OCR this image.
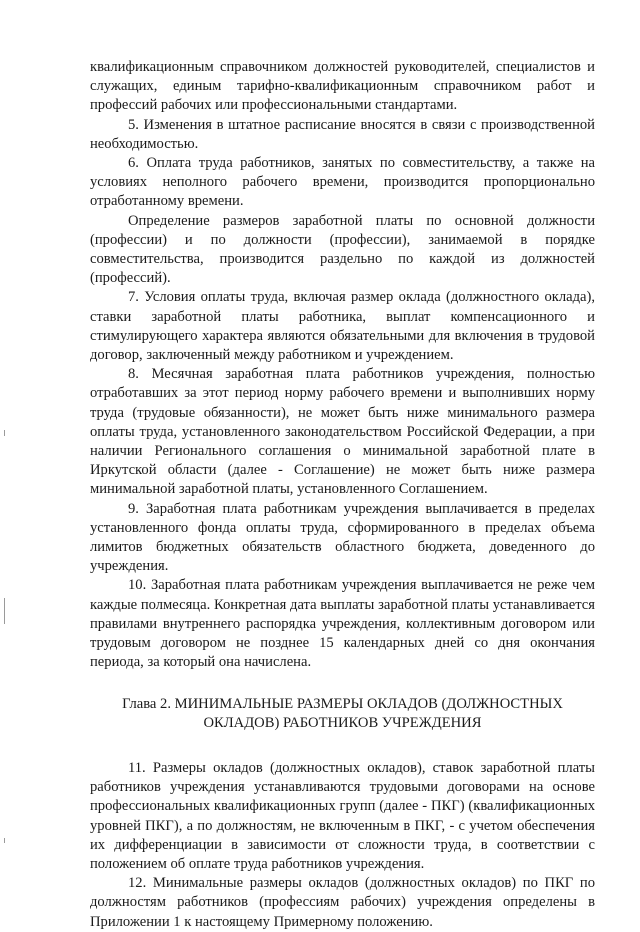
квалификационным справочником должностей руководителей, специалистов и служащих, единым тарифно-квалификационным справочником работ и профессий рабочих или профессиональными стандартами.

5. Изменения в штатное расписание вносятся в связи с производственной необходимостью.

6. Оплата труда работников, занятых по совместительству, а также на условиях неполного рабочего времени, производится пропорционально отработанному времени.

Определение размеров заработной платы по основной должности (профессии) и по должности (профессии), занимаемой в порядке совместительства, производится раздельно по каждой из должностей (профессий).

7. Условия оплаты труда, включая размер оклада (должностного оклада), ставки заработной платы работника, выплат компенсационного и стимулирующего характера являются обязательными для включения в трудовой договор, заключенный между работником и учреждением.

8. Месячная заработная плата работников учреждения, полностью отработавших за этот период норму рабочего времени и выполнивших норму труда (трудовые обязанности), не может быть ниже минимального размера оплаты труда, установленного законодательством Российской Федерации, а при наличии Регионального соглашения о минимальной заработной плате в Иркутской области (далее - Соглашение) не может быть ниже размера минимальной заработной платы, установленного Соглашением.

9. Заработная плата работникам учреждения выплачивается в пределах установленного фонда оплаты труда, сформированного в пределах объема лимитов бюджетных обязательств областного бюджета, доведенного до учреждения.

10. Заработная плата работникам учреждения выплачивается не реже чем каждые полмесяца. Конкретная дата выплаты заработной платы устанавливается правилами внутреннего распорядка учреждения, коллективным договором или трудовым договором не позднее 15 календарных дней со дня окончания периода, за который она начислена.

Глава 2. МИНИМАЛЬНЫЕ РАЗМЕРЫ ОКЛАДОВ (ДОЛЖНОСТНЫХ ОКЛАДОВ) РАБОТНИКОВ УЧРЕЖДЕНИЯ

11. Размеры окладов (должностных окладов), ставок заработной платы работников учреждения устанавливаются трудовыми договорами на основе профессиональных квалификационных групп (далее - ПКГ) (квалификационных уровней ПКГ), а по должностям, не включенным в ПКГ, - с учетом обеспечения их дифференциации в зависимости от сложности труда, в соответствии с положением об оплате труда работников учреждения.

12. Минимальные размеры окладов (должностных окладов) по ПКГ по должностям работников (профессиям рабочих) учреждения определены в Приложении 1 к настоящему Примерному положению.
